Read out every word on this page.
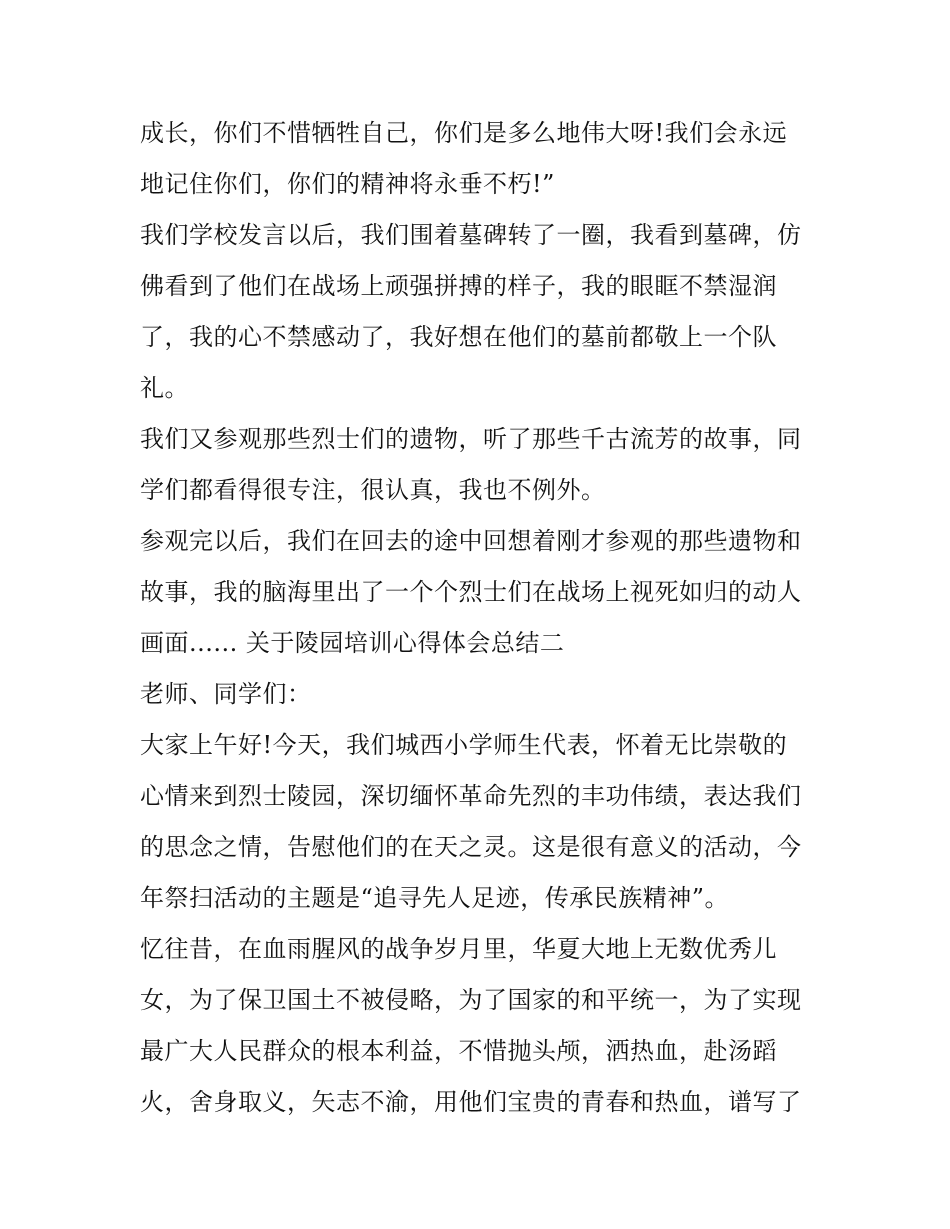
成长，你们不惜牺牲自己，你们是多么地伟大呀!我们会永远
地记住你们，你们的精神将永垂不朽!”
我们学校发言以后，我们围着墓碑转了一圈，我看到墓碑，仿
佛看到了他们在战场上顽强拼搏的样子，我的眼眶不禁湿润
了，我的心不禁感动了，我好想在他们的墓前都敬上一个队
礼。
我们又参观那些烈士们的遗物，听了那些千古流芳的故事，同
学们都看得很专注，很认真，我也不例外。
参观完以后，我们在回去的途中回想着刚才参观的那些遗物和
故事，我的脑海里出了一个个烈士们在战场上视死如归的动人
画面...... 关于陵园培训心得体会总结二
老师、同学们：
大家上午好!今天，我们城西小学师生代表，怀着无比崇敬的
心情来到烈士陵园，深切缅怀革命先烈的丰功伟绩，表达我们
的思念之情，告慰他们的在天之灵。这是很有意义的活动，今
年祭扫活动的主题是“追寻先人足迹，传承民族精神”。
忆往昔，在血雨腥风的战争岁月里，华夏大地上无数优秀儿
女，为了保卫国土不被侵略，为了国家的和平统一，为了实现
最广大人民群众的根本利益，不惜抛头颅，洒热血，赴汤蹈
火，舍身取义，矢志不渝，用他们宝贵的青春和热血，谱写了
